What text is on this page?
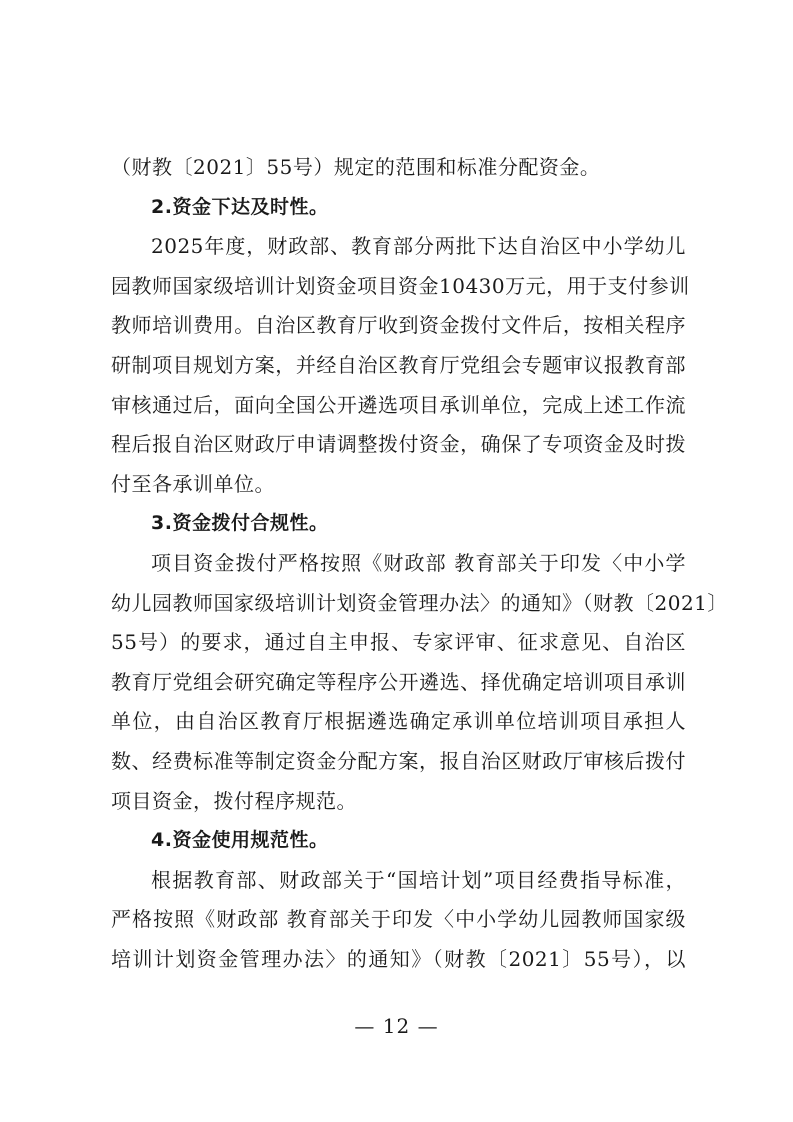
（财教〔2021〕55号）规定的范围和标准分配资金。
2.资金下达及时性。
2025年度，财政部、教育部分两批下达自治区中小学幼儿
园教师国家级培训计划资金项目资金10430万元，用于支付参训
教师培训费用。自治区教育厅收到资金拨付文件后，按相关程序
研制项目规划方案，并经自治区教育厅党组会专题审议报教育部
审核通过后，面向全国公开遴选项目承训单位，完成上述工作流
程后报自治区财政厅申请调整拨付资金，确保了专项资金及时拨
付至各承训单位。
3.资金拨付合规性。
项目资金拨付严格按照《财政部 教育部关于印发〈中小学
幼儿园教师国家级培训计划资金管理办法〉的通知》（财教〔2021〕
55号）的要求，通过自主申报、专家评审、征求意见、自治区
教育厅党组会研究确定等程序公开遴选、择优确定培训项目承训
单位，由自治区教育厅根据遴选确定承训单位培训项目承担人
数、经费标准等制定资金分配方案，报自治区财政厅审核后拨付
项目资金，拨付程序规范。
4.资金使用规范性。
根据教育部、财政部关于“国培计划”项目经费指导标准，
严格按照《财政部 教育部关于印发〈中小学幼儿园教师国家级
培训计划资金管理办法〉的通知》（财教〔2021〕55号），以
— 12 —
